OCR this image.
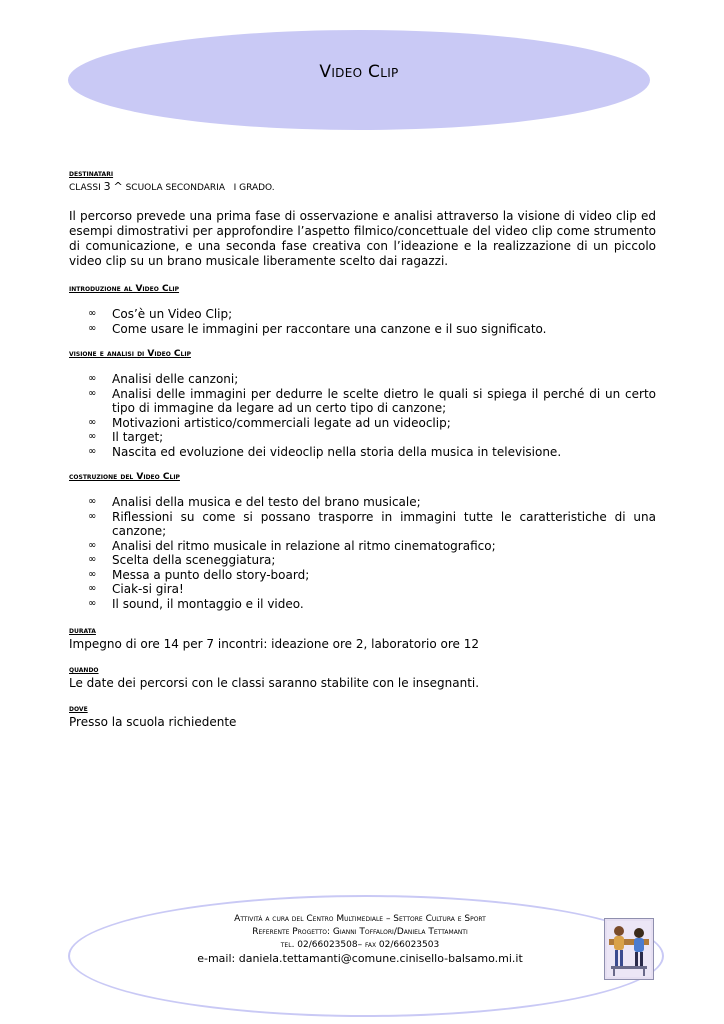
Video Clip
destinatari
CLASSI 3 ^ SCUOLA SECONDARIA   I GRADO.

Il percorso prevede una prima fase di osservazione e analisi attraverso la visione di video clip ed esempi dimostrativi per approfondire l’aspetto filmico/concettuale del video clip come strumento di comunicazione, e una seconda fase creativa con l’ideazione e la realizzazione di un piccolo video clip su un brano musicale liberamente scelto dai ragazzi.

introduzione al Video Clip
∞ Cos’è un Video Clip;
∞ Come usare le immagini per raccontare una canzone e il suo significato.
visione e analisi di Video Clip
∞ Analisi delle canzoni;
∞ Analisi delle immagini per dedurre le scelte dietro le quali si spiega il perché di un certo tipo di immagine da legare ad un certo tipo di canzone;
∞ Motivazioni artistico/commerciali legate ad un videoclip;
∞ Il target;
∞ Nascita ed evoluzione dei videoclip nella storia della musica in televisione.
costruzione del Video Clip
∞ Analisi della musica e del testo del brano musicale;
∞ Riflessioni su come si possano trasporre in immagini tutte le caratteristiche di una canzone;
∞ Analisi del ritmo musicale in relazione al ritmo cinematografico;
∞ Scelta della sceneggiatura;
∞ Messa a punto dello story-board;
∞ Ciak-si gira!
∞ Il sound, il montaggio e il video.
durata

Impegno di ore 14 per 7 incontri: ideazione ore 2, laboratorio ore 12

quando

Le date dei percorsi con le classi saranno stabilite con le insegnanti.

dove

Presso la scuola richiedente

Attività a cura del Centro Multimediale – Settore Cultura e Sport
Referente Progetto: Gianni Toffalori/Daniela Tettamanti
tel. 02/66023508– fax 02/66023503
e-mail: daniela.tettamanti@comune.cinisello-balsamo.mi.it
